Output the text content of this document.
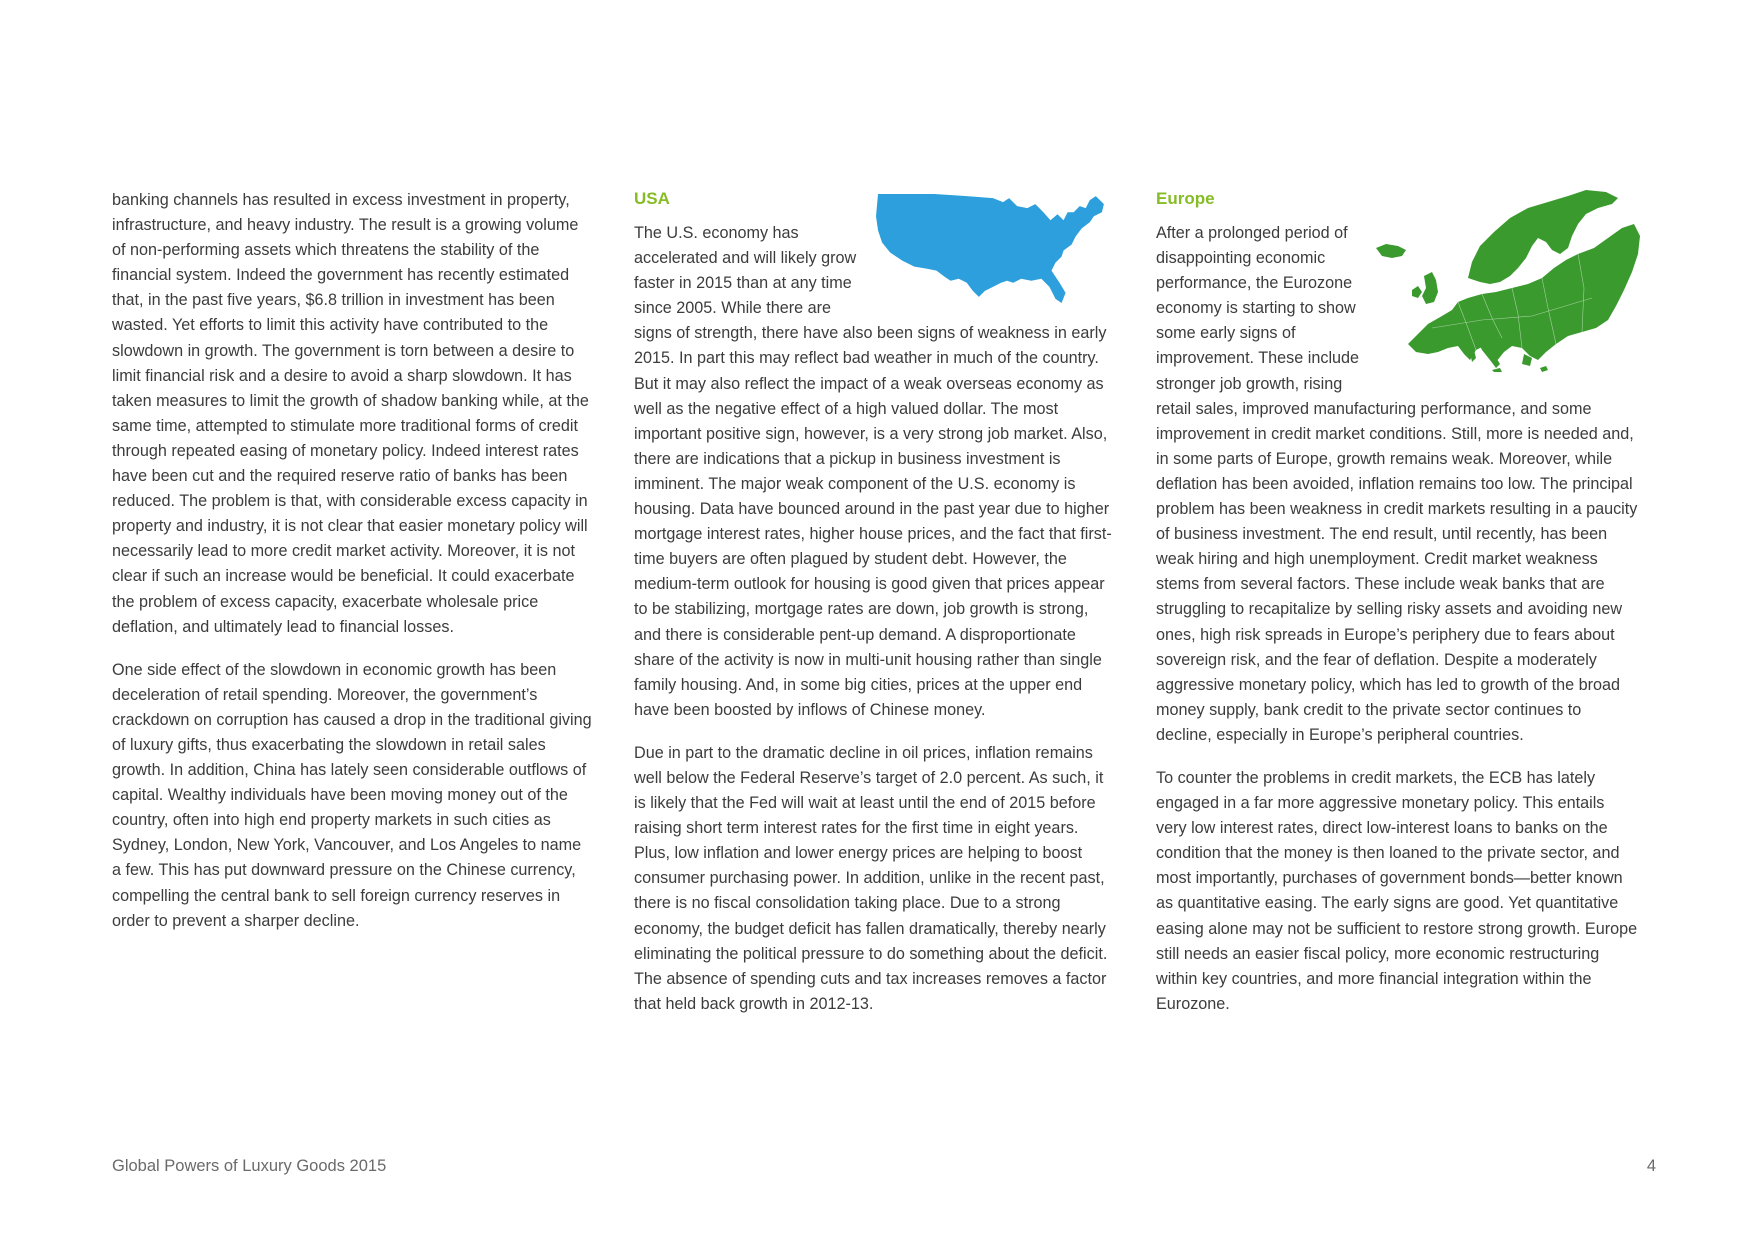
banking channels has resulted in excess investment in property, infrastructure, and heavy industry. The result is a growing volume of non-performing assets which threatens the stability of the financial system. Indeed the government has recently estimated that, in the past five years, $6.8 trillion in investment has been wasted. Yet efforts to limit this activity have contributed to the slowdown in growth. The government is torn between a desire to limit financial risk and a desire to avoid a sharp slowdown. It has taken measures to limit the growth of shadow banking while, at the same time, attempted to stimulate more traditional forms of credit through repeated easing of monetary policy. Indeed interest rates have been cut and the required reserve ratio of banks has been reduced. The problem is that, with considerable excess capacity in property and industry, it is not clear that easier monetary policy will necessarily lead to more credit market activity. Moreover, it is not clear if such an increase would be beneficial. It could exacerbate the problem of excess capacity, exacerbate wholesale price deflation, and ultimately lead to financial losses.

One side effect of the slowdown in economic growth has been deceleration of retail spending. Moreover, the government’s crackdown on corruption has caused a drop in the traditional giving of luxury gifts, thus exacerbating the slowdown in retail sales growth. In addition, China has lately seen considerable outflows of capital. Wealthy individuals have been moving money out of the country, often into high end property markets in such cities as Sydney, London, New York, Vancouver, and Los Angeles to name a few. This has put downward pressure on the Chinese currency, compelling the central bank to sell foreign currency reserves in order to prevent a sharper decline.

USA

The U.S. economy has accelerated and will likely grow faster in 2015 than at any time since 2005. While there are signs of strength, there have also been signs of weakness in early 2015. In part this may reflect bad weather in much of the country. But it may also reflect the impact of a weak overseas economy as well as the negative effect of a high valued dollar. The most important positive sign, however, is a very strong job market. Also, there are indications that a pickup in business investment is imminent. The major weak component of the U.S. economy is housing. Data have bounced around in the past year due to higher mortgage interest rates, higher house prices, and the fact that first-time buyers are often plagued by student debt. However, the medium-term outlook for housing is good given that prices appear to be stabilizing, mortgage rates are down, job growth is strong, and there is considerable pent-up demand. A disproportionate share of the activity is now in multi-unit housing rather than single family housing. And, in some big cities, prices at the upper end have been boosted by inflows of Chinese money.

Due in part to the dramatic decline in oil prices, inflation remains well below the Federal Reserve’s target of 2.0 percent. As such, it is likely that the Fed will wait at least until the end of 2015 before raising short term interest rates for the first time in eight years. Plus, low inflation and lower energy prices are helping to boost consumer purchasing power. In addition, unlike in the recent past, there is no fiscal consolidation taking place. Due to a strong economy, the budget deficit has fallen dramatically, thereby nearly eliminating the political pressure to do something about the deficit. The absence of spending cuts and tax increases removes a factor that held back growth in 2012-13.

Europe

After a prolonged period of disappointing economic performance, the Eurozone economy is starting to show some early signs of improvement. These include stronger job growth, rising retail sales, improved manufacturing performance, and some improvement in credit market conditions. Still, more is needed and, in some parts of Europe, growth remains weak. Moreover, while deflation has been avoided, inflation remains too low. The principal problem has been weakness in credit markets resulting in a paucity of business investment. The end result, until recently, has been weak hiring and high unemployment. Credit market weakness stems from several factors. These include weak banks that are struggling to recapitalize by selling risky assets and avoiding new ones, high risk spreads in Europe’s periphery due to fears about sovereign risk, and the fear of deflation. Despite a moderately aggressive monetary policy, which has led to growth of the broad money supply, bank credit to the private sector continues to decline, especially in Europe’s peripheral countries.

To counter the problems in credit markets, the ECB has lately engaged in a far more aggressive monetary policy. This entails very low interest rates, direct low-interest loans to banks on the condition that the money is then loaned to the private sector, and most importantly, purchases of government bonds—better known as quantitative easing. The early signs are good. Yet quantitative easing alone may not be sufficient to restore strong growth. Europe still needs an easier fiscal policy, more economic restructuring within key countries, and more financial integration within the Eurozone.

Global Powers of Luxury Goods 2015	4
